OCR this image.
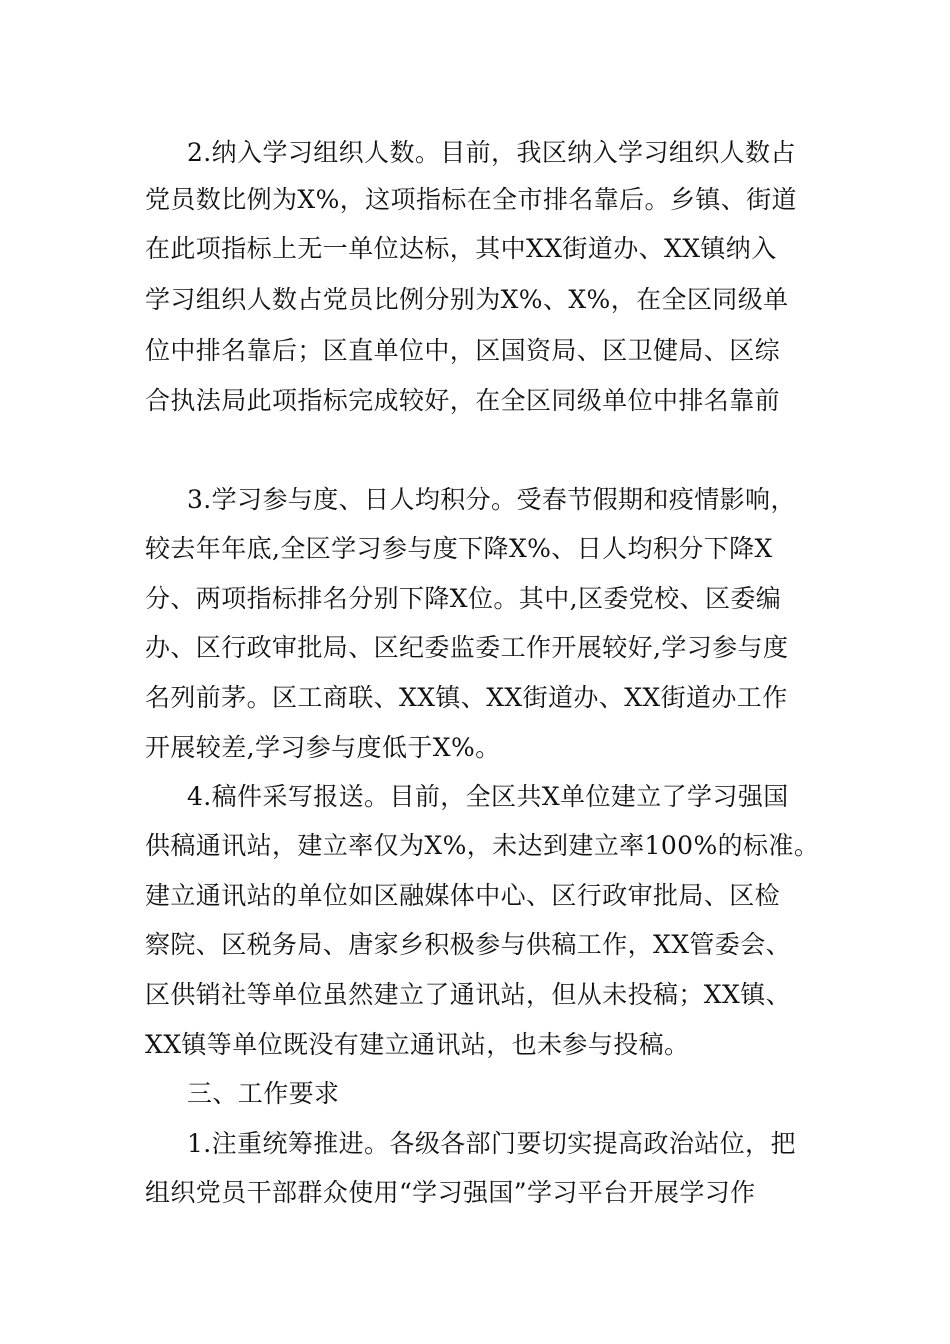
2.纳入学习组织人数。目前，我区纳入学习组织人数占
党员数比例为X%，这项指标在全市排名靠后。乡镇、街道
在此项指标上无一单位达标，其中XX街道办、XX镇纳入
学习组织人数占党员比例分别为X%、X%，在全区同级单
位中排名靠后；区直单位中，区国资局、区卫健局、区综
合执法局此项指标完成较好，在全区同级单位中排名靠前
3.学习参与度、日人均积分。受春节假期和疫情影响，
较去年年底,全区学习参与度下降X%、日人均积分下降X
分、两项指标排名分别下降X位。其中,区委党校、区委编
办、区行政审批局、区纪委监委工作开展较好,学习参与度
名列前茅。区工商联、XX镇、XX街道办、XX街道办工作
开展较差,学习参与度低于X%。
4.稿件采写报送。目前，全区共X单位建立了学习强国
供稿通讯站，建立率仅为X%，未达到建立率100%的标准。
建立通讯站的单位如区融媒体中心、区行政审批局、区检
察院、区税务局、唐家乡积极参与供稿工作，XX管委会、
区供销社等单位虽然建立了通讯站，但从未投稿；XX镇、
XX镇等单位既没有建立通讯站，也未参与投稿。
三、工作要求
1.注重统筹推进。各级各部门要切实提高政治站位，把
组织党员干部群众使用“学习强国”学习平台开展学习作
